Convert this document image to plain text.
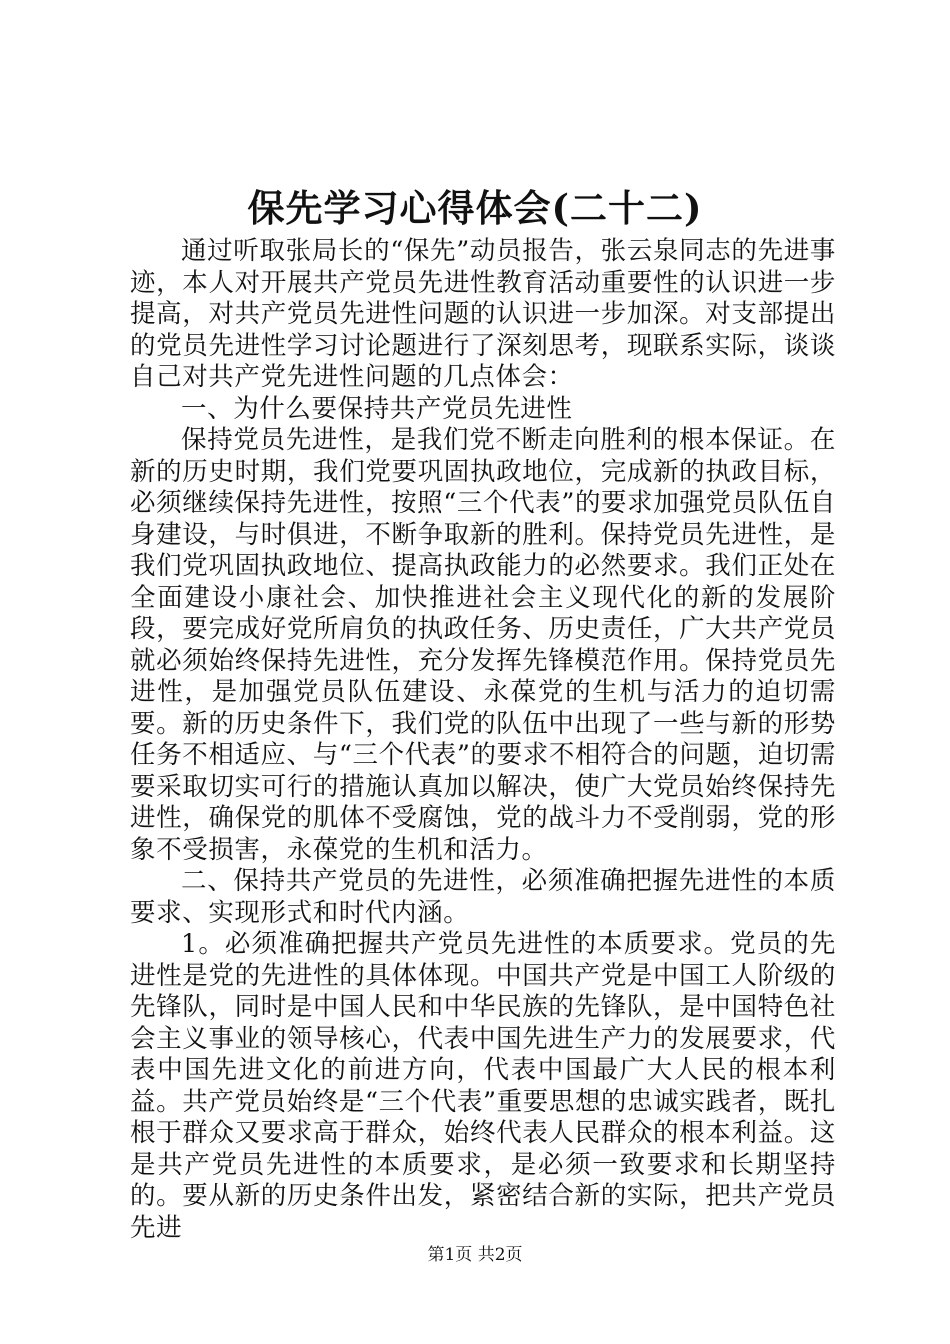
保先学习心得体会(二十二)

通过听取张局长的“保先”动员报告，张云泉同志的先进事迹，本人对开展共产党员先进性教育活动重要性的认识进一步提高，对共产党员先进性问题的认识进一步加深。对支部提出的党员先进性学习讨论题进行了深刻思考，现联系实际，谈谈自己对共产党先进性问题的几点体会：

一、为什么要保持共产党员先进性

保持党员先进性，是我们党不断走向胜利的根本保证。在新的历史时期，我们党要巩固执政地位，完成新的执政目标，必须继续保持先进性，按照“三个代表”的要求加强党员队伍自身建设，与时俱进，不断争取新的胜利。保持党员先进性，是我们党巩固执政地位、提高执政能力的必然要求。我们正处在全面建设小康社会、加快推进社会主义现代化的新的发展阶段，要完成好党所肩负的执政任务、历史责任，广大共产党员就必须始终保持先进性，充分发挥先锋模范作用。保持党员先进性，是加强党员队伍建设、永葆党的生机与活力的迫切需要。新的历史条件下，我们党的队伍中出现了一些与新的形势任务不相适应、与“三个代表”的要求不相符合的问题，迫切需要采取切实可行的措施认真加以解决，使广大党员始终保持先进性，确保党的肌体不受腐蚀，党的战斗力不受削弱，党的形象不受损害，永葆党的生机和活力。

二、保持共产党员的先进性，必须准确把握先进性的本质要求、实现形式和时代内涵。

1。必须准确把握共产党员先进性的本质要求。党员的先进性是党的先进性的具体体现。中国共产党是中国工人阶级的先锋队，同时是中国人民和中华民族的先锋队，是中国特色社会主义事业的领导核心，代表中国先进生产力的发展要求，代表中国先进文化的前进方向，代表中国最广大人民的根本利益。共产党员始终是“三个代表”重要思想的忠诚实践者，既扎根于群众又要求高于群众，始终代表人民群众的根本利益。这是共产党员先进性的本质要求，是必须一致要求和长期坚持的。要从新的历史条件出发，紧密结合新的实际，把共产党员先进

第1页 共2页
